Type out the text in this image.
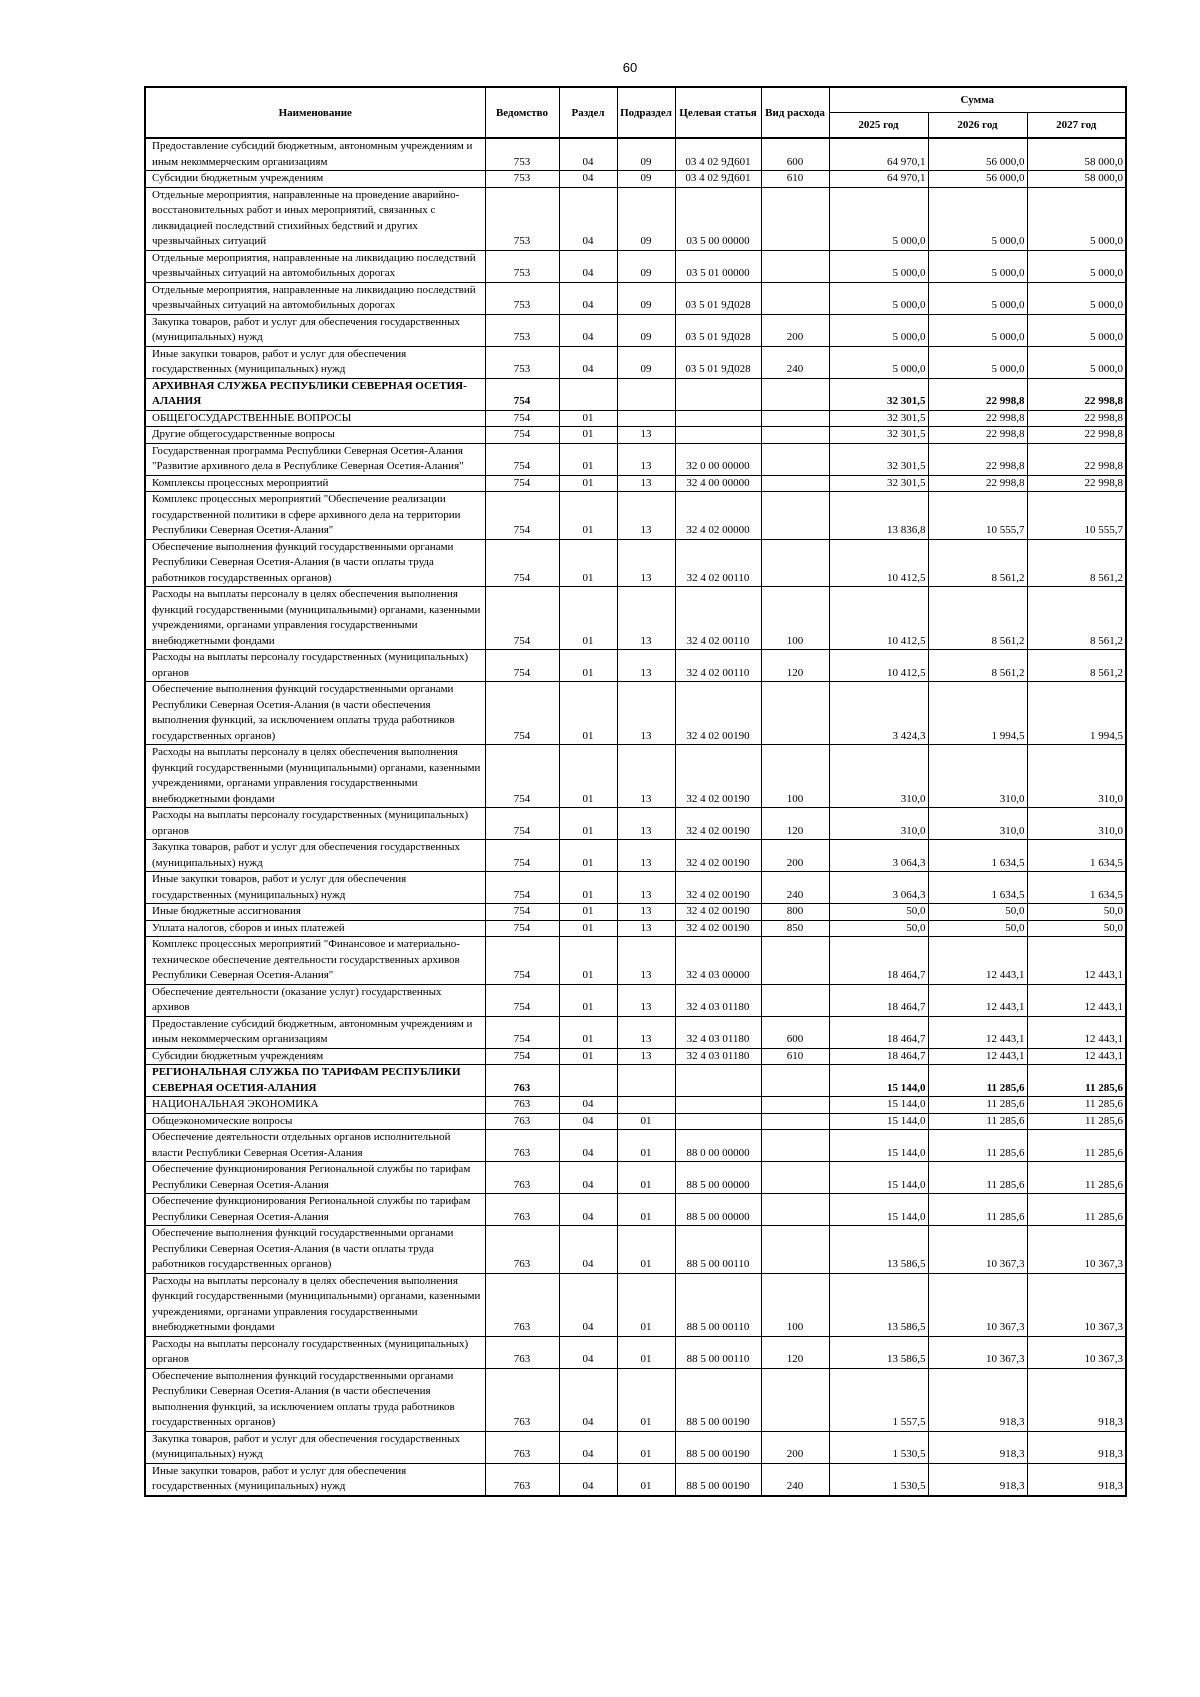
60
Наименование	Ведомство	Раздел	Подраздел	Целевая статья	Вид расхода	Сумма		
						2025 год	2026 год	2027 год
Предоставление субсидий бюджетным, автономным учреждениям и иным некоммерческим организациям	753	04	09	03 4 02 9Д601	600	64 970,1	56 000,0	58 000,0
Субсидии бюджетным учреждениям	753	04	09	03 4 02 9Д601	610	64 970,1	56 000,0	58 000,0
Отдельные мероприятия, направленные на проведение аварийно-восстановительных работ и иных мероприятий, связанных с ликвидацией последствий стихийных бедствий и других чрезвычайных ситуаций	753	04	09	03 5 00 00000		5 000,0	5 000,0	5 000,0
Отдельные мероприятия, направленные на ликвидацию последствий чрезвычайных ситуаций на автомобильных дорогах	753	04	09	03 5 01 00000		5 000,0	5 000,0	5 000,0
Отдельные мероприятия, направленные на ликвидацию последствий чрезвычайных ситуаций на автомобильных дорогах	753	04	09	03 5 01 9Д028		5 000,0	5 000,0	5 000,0
Закупка товаров, работ и услуг для обеспечения государственных (муниципальных) нужд	753	04	09	03 5 01 9Д028	200	5 000,0	5 000,0	5 000,0
Иные закупки товаров, работ и услуг для обеспечения государственных (муниципальных) нужд	753	04	09	03 5 01 9Д028	240	5 000,0	5 000,0	5 000,0
АРХИВНАЯ СЛУЖБА РЕСПУБЛИКИ СЕВЕРНАЯ ОСЕТИЯ-АЛАНИЯ	754					32 301,5	22 998,8	22 998,8
ОБЩЕГОСУДАРСТВЕННЫЕ ВОПРОСЫ	754	01				32 301,5	22 998,8	22 998,8
Другие общегосударственные вопросы	754	01	13			32 301,5	22 998,8	22 998,8
Государственная программа Республики Северная Осетия-Алания "Развитие архивного дела в Республике Северная Осетия-Алания"	754	01	13	32 0 00 00000		32 301,5	22 998,8	22 998,8
Комплексы процессных мероприятий	754	01	13	32 4 00 00000		32 301,5	22 998,8	22 998,8
Комплекс процессных мероприятий "Обеспечение реализации государственной политики в сфере архивного дела на территории Республики Северная Осетия-Алания"	754	01	13	32 4 02 00000		13 836,8	10 555,7	10 555,7
Обеспечение выполнения функций государственными органами Республики Северная Осетия-Алания (в части оплаты труда работников государственных органов)	754	01	13	32 4 02 00110		10 412,5	8 561,2	8 561,2
Расходы на выплаты персоналу в целях обеспечения выполнения функций государственными (муниципальными) органами, казенными учреждениями, органами управления государственными внебюджетными фондами	754	01	13	32 4 02 00110	100	10 412,5	8 561,2	8 561,2
Расходы на выплаты персоналу государственных (муниципальных) органов	754	01	13	32 4 02 00110	120	10 412,5	8 561,2	8 561,2
Обеспечение выполнения функций государственными органами Республики Северная Осетия-Алания (в части обеспечения выполнения функций, за исключением оплаты труда работников государственных органов)	754	01	13	32 4 02 00190		3 424,3	1 994,5	1 994,5
Расходы на выплаты персоналу в целях обеспечения выполнения функций государственными (муниципальными) органами, казенными учреждениями, органами управления государственными внебюджетными фондами	754	01	13	32 4 02 00190	100	310,0	310,0	310,0
Расходы на выплаты персоналу государственных (муниципальных) органов	754	01	13	32 4 02 00190	120	310,0	310,0	310,0
Закупка товаров, работ и услуг для обеспечения государственных (муниципальных) нужд	754	01	13	32 4 02 00190	200	3 064,3	1 634,5	1 634,5
Иные закупки товаров, работ и услуг для обеспечения государственных (муниципальных) нужд	754	01	13	32 4 02 00190	240	3 064,3	1 634,5	1 634,5
Иные бюджетные ассигнования	754	01	13	32 4 02 00190	800	50,0	50,0	50,0
Уплата налогов, сборов и иных платежей	754	01	13	32 4 02 00190	850	50,0	50,0	50,0
Комплекс процессных мероприятий "Финансовое и материально-техническое обеспечение деятельности государственных архивов Республики Северная Осетия-Алания"	754	01	13	32 4 03 00000		18 464,7	12 443,1	12 443,1
Обеспечение деятельности (оказание услуг) государственных архивов	754	01	13	32 4 03 01180		18 464,7	12 443,1	12 443,1
Предоставление субсидий бюджетным, автономным учреждениям и иным некоммерческим организациям	754	01	13	32 4 03 01180	600	18 464,7	12 443,1	12 443,1
Субсидии бюджетным учреждениям	754	01	13	32 4 03 01180	610	18 464,7	12 443,1	12 443,1
РЕГИОНАЛЬНАЯ СЛУЖБА ПО ТАРИФАМ РЕСПУБЛИКИ СЕВЕРНАЯ ОСЕТИЯ-АЛАНИЯ	763					15 144,0	11 285,6	11 285,6
НАЦИОНАЛЬНАЯ ЭКОНОМИКА	763	04				15 144,0	11 285,6	11 285,6
Общеэкономические вопросы	763	04	01			15 144,0	11 285,6	11 285,6
Обеспечение деятельности отдельных органов исполнительной власти Республики Северная Осетия-Алания	763	04	01	88 0 00 00000		15 144,0	11 285,6	11 285,6
Обеспечение функционирования Региональной службы по тарифам Республики Северная Осетия-Алания	763	04	01	88 5 00 00000		15 144,0	11 285,6	11 285,6
Обеспечение функционирования Региональной службы по тарифам Республики Северная Осетия-Алания	763	04	01	88 5 00 00000		15 144,0	11 285,6	11 285,6
Обеспечение выполнения функций государственными органами Республики Северная Осетия-Алания (в части оплаты труда работников государственных органов)	763	04	01	88 5 00 00110		13 586,5	10 367,3	10 367,3
Расходы на выплаты персоналу в целях обеспечения выполнения функций государственными (муниципальными) органами, казенными учреждениями, органами управления государственными внебюджетными фондами	763	04	01	88 5 00 00110	100	13 586,5	10 367,3	10 367,3
Расходы на выплаты персоналу государственных (муниципальных) органов	763	04	01	88 5 00 00110	120	13 586,5	10 367,3	10 367,3
Обеспечение выполнения функций государственными органами Республики Северная Осетия-Алания (в части обеспечения выполнения функций, за исключением оплаты труда работников государственных органов)	763	04	01	88 5 00 00190		1 557,5	918,3	918,3
Закупка товаров, работ и услуг для обеспечения государственных (муниципальных) нужд	763	04	01	88 5 00 00190	200	1 530,5	918,3	918,3
Иные закупки товаров, работ и услуг для обеспечения государственных (муниципальных) нужд	763	04	01	88 5 00 00190	240	1 530,5	918,3	918,3
